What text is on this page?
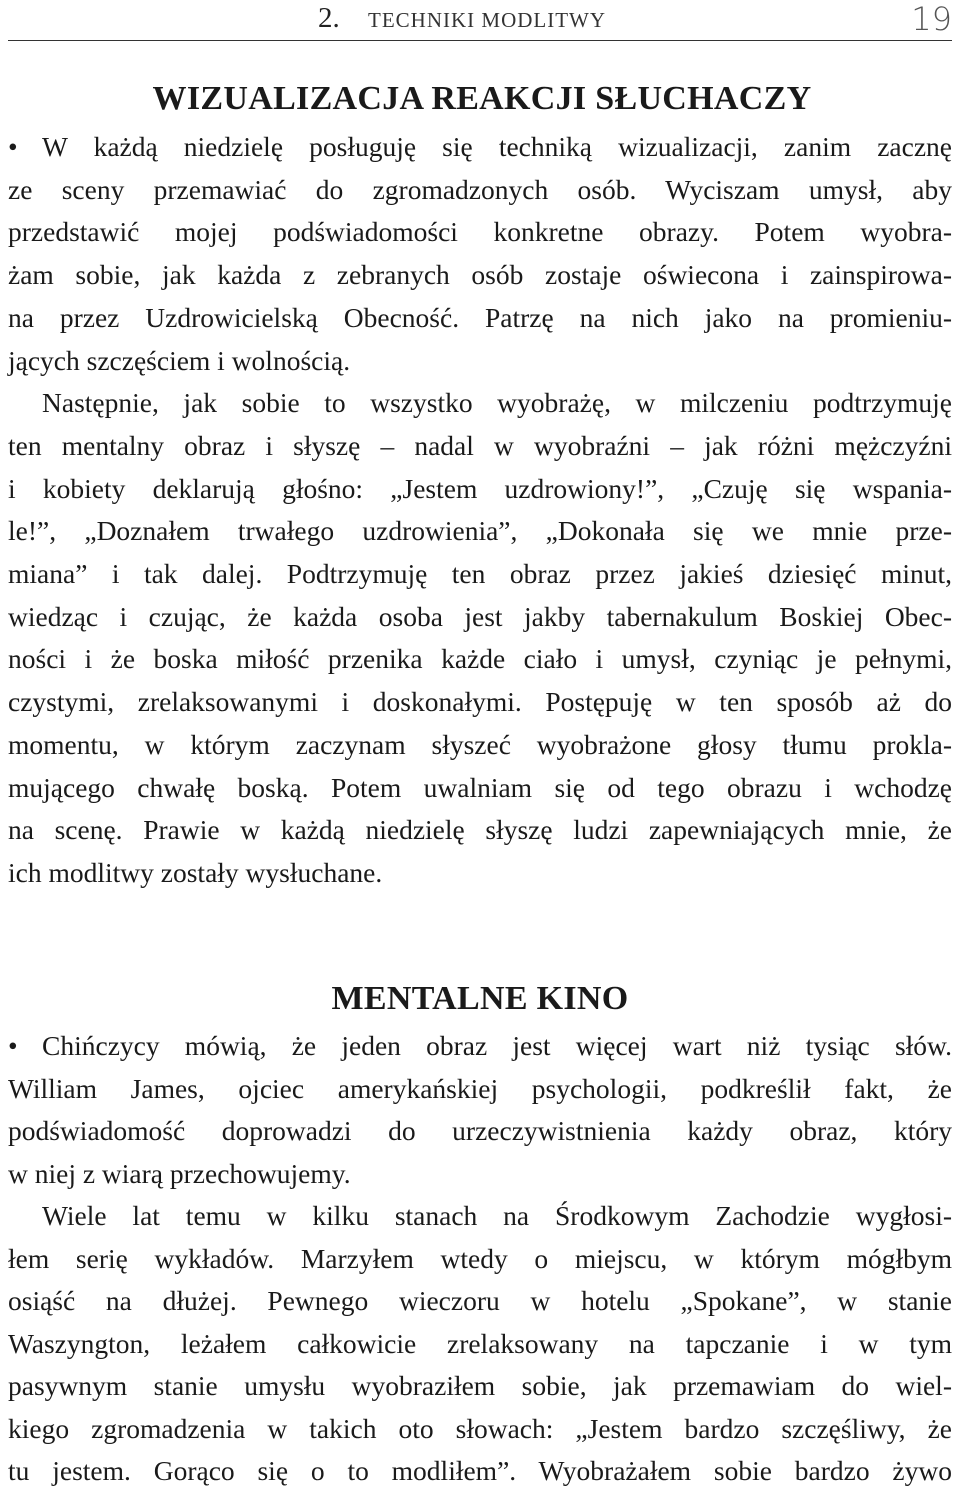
2. TECHNIKI MODLITWY	19
WIZUALIZACJA REAKCJI SŁUCHACZY
• W każdą niedzielę posługuję się techniką wizualizacji, zanim zacznę
ze sceny przemawiać do zgromadzonych osób. Wyciszam umysł, aby
przedstawić mojej podświadomości konkretne obrazy. Potem wyobra-
żam sobie, jak każda z zebranych osób zostaje oświecona i zainspirowa-
na przez Uzdrowicielską Obecność. Patrzę na nich jako na promieniu-
jących szczęściem i wolnością.
Następnie, jak sobie to wszystko wyobrażę, w milczeniu podtrzymuję
ten mentalny obraz i słyszę – nadal w wyobraźni – jak różni mężczyźni
i kobiety deklarują głośno: „Jestem uzdrowiony!”, „Czuję się wspania-
le!”, „Doznałem trwałego uzdrowienia”, „Dokonała się we mnie prze-
miana” i tak dalej. Podtrzymuję ten obraz przez jakieś dziesięć minut,
wiedząc i czując, że każda osoba jest jakby tabernakulum Boskiej Obec-
ności i że boska miłość przenika każde ciało i umysł, czyniąc je pełnymi,
czystymi, zrelaksowanymi i doskonałymi. Postępuję w ten sposób aż do
momentu, w którym zaczynam słyszeć wyobrażone głosy tłumu prokla-
mującego chwałę boską. Potem uwalniam się od tego obrazu i wchodzę
na scenę. Prawie w każdą niedzielę słyszę ludzi zapewniających mnie, że
ich modlitwy zostały wysłuchane.
MENTALNE KINO
• Chińczycy mówią, że jeden obraz jest więcej wart niż tysiąc słów.
William James, ojciec amerykańskiej psychologii, podkreślił fakt, że
podświadomość doprowadzi do urzeczywistnienia każdy obraz, który
w niej z wiarą przechowujemy.
Wiele lat temu w kilku stanach na Środkowym Zachodzie wygłosi-
łem serię wykładów. Marzyłem wtedy o miejscu, w którym mógłbym
osiąść na dłużej. Pewnego wieczoru w hotelu „Spokane”, w stanie
Waszyngton, leżałem całkowicie zrelaksowany na tapczanie i w tym
pasywnym stanie umysłu wyobraziłem sobie, jak przemawiam do wiel-
kiego zgromadzenia w takich oto słowach: „Jestem bardzo szczęśliwy, że
tu jestem. Gorąco się o to modliłem”. Wyobrażałem sobie bardzo żywo
